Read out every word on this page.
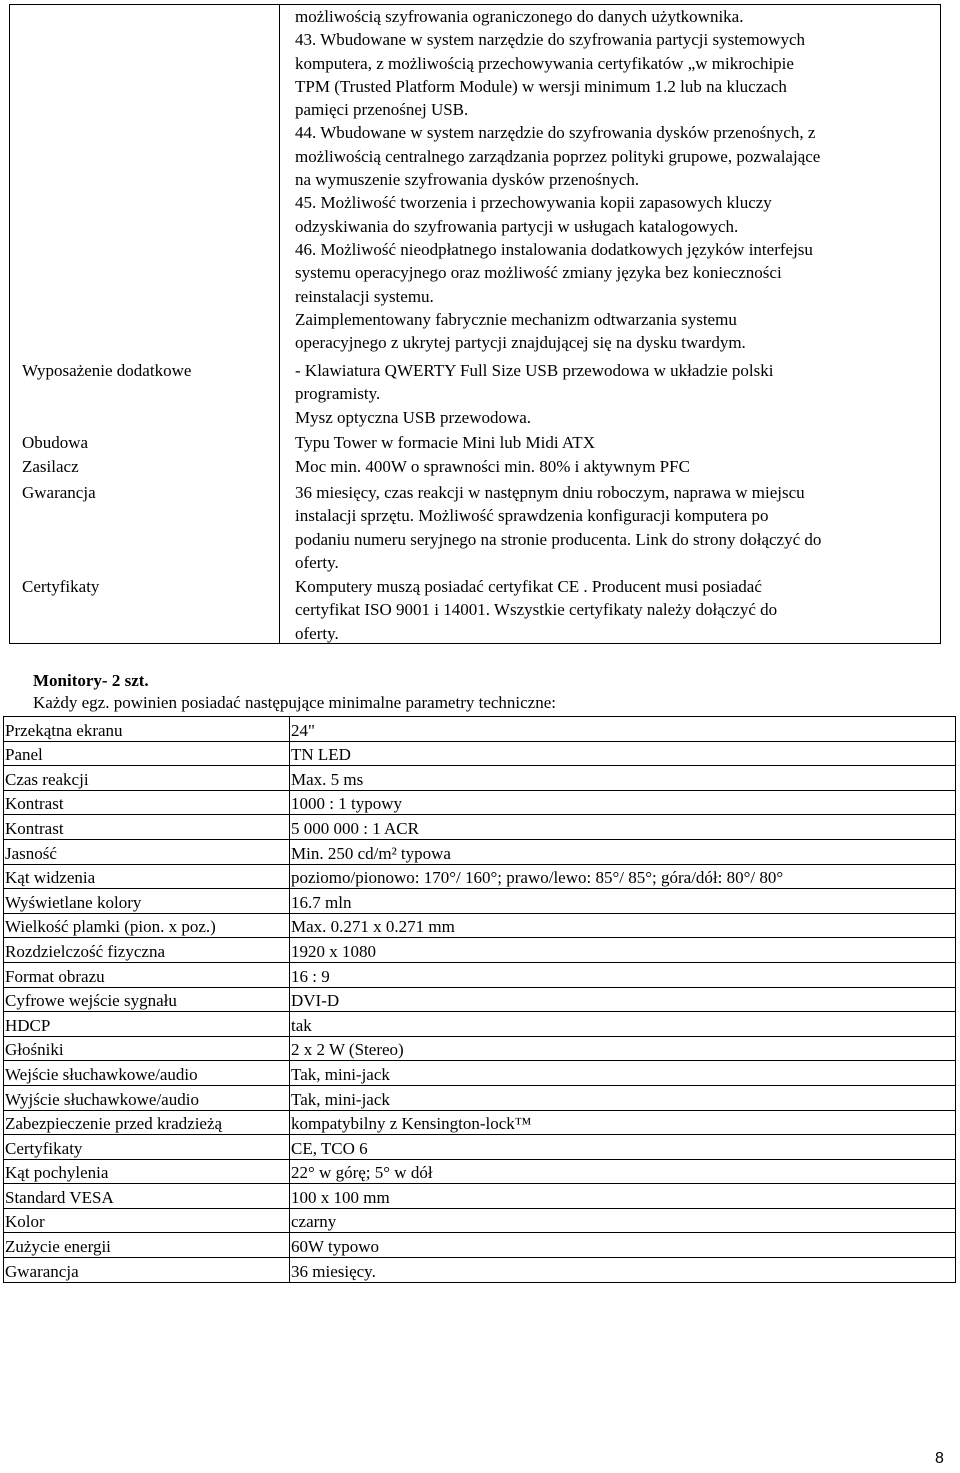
możliwością szyfrowania ograniczonego do danych użytkownika.
43. Wbudowane w system narzędzie do szyfrowania partycji systemowych
komputera, z możliwością przechowywania certyfikatów „w mikrochipie
TPM (Trusted Platform Module) w wersji minimum 1.2 lub na kluczach
pamięci przenośnej USB.
44. Wbudowane w system narzędzie do szyfrowania dysków przenośnych, z
możliwością centralnego zarządzania poprzez polityki grupowe, pozwalające
na wymuszenie szyfrowania dysków przenośnych.
45. Możliwość tworzenia i przechowywania kopii zapasowych kluczy
odzyskiwania do szyfrowania partycji w usługach katalogowych.
46. Możliwość nieodpłatnego instalowania dodatkowych języków interfejsu
systemu operacyjnego oraz możliwość zmiany języka bez konieczności
reinstalacji systemu.
Zaimplementowany fabrycznie mechanizm odtwarzania systemu
operacyjnego z ukrytej partycji znajdującej się na dysku twardym.
Wyposażenie dodatkowe	- Klawiatura QWERTY Full Size USB przewodowa w układzie polski
programisty.
Mysz optyczna USB przewodowa.
Obudowa	Typu Tower w formacie Mini lub Midi ATX
Zasilacz	Moc min. 400W o sprawności min. 80% i aktywnym PFC
Gwarancja	36 miesięcy, czas reakcji w następnym dniu roboczym, naprawa w miejscu
instalacji sprzętu. Możliwość sprawdzenia konfiguracji komputera po
podaniu numeru seryjnego na stronie producenta. Link do strony dołączyć do
oferty.
Certyfikaty	Komputery muszą posiadać certyfikat CE . Producent musi posiadać
certyfikat ISO 9001 i 14001. Wszystkie certyfikaty należy dołączyć do
oferty.
Monitory- 2 szt.
Każdy egz. powinien posiadać następujące minimalne parametry techniczne:
Przekątna ekranu	24"
Panel	TN LED
Czas reakcji	Max. 5 ms
Kontrast	1000 : 1 typowy
Kontrast	5 000 000 : 1 ACR
Jasność	Min. 250 cd/m² typowa
Kąt widzenia	poziomo/pionowo: 170°/ 160°; prawo/lewo: 85°/ 85°; góra/dół: 80°/ 80°
Wyświetlane kolory	16.7 mln
Wielkość plamki (pion. x poz.)	Max. 0.271 x 0.271 mm
Rozdzielczość fizyczna	1920 x 1080
Format obrazu	16 : 9
Cyfrowe wejście sygnału	DVI-D
HDCP	tak
Głośniki	2 x 2 W (Stereo)
Wejście słuchawkowe/audio	Tak, mini-jack
Wyjście słuchawkowe/audio	Tak, mini-jack
Zabezpieczenie przed kradzieżą	kompatybilny z Kensington-lock™
Certyfikaty	CE, TCO 6
Kąt pochylenia	22° w górę; 5° w dół
Standard VESA	100 x 100 mm
Kolor	czarny
Zużycie energii	60W typowo
Gwarancja	36 miesięcy.
8
